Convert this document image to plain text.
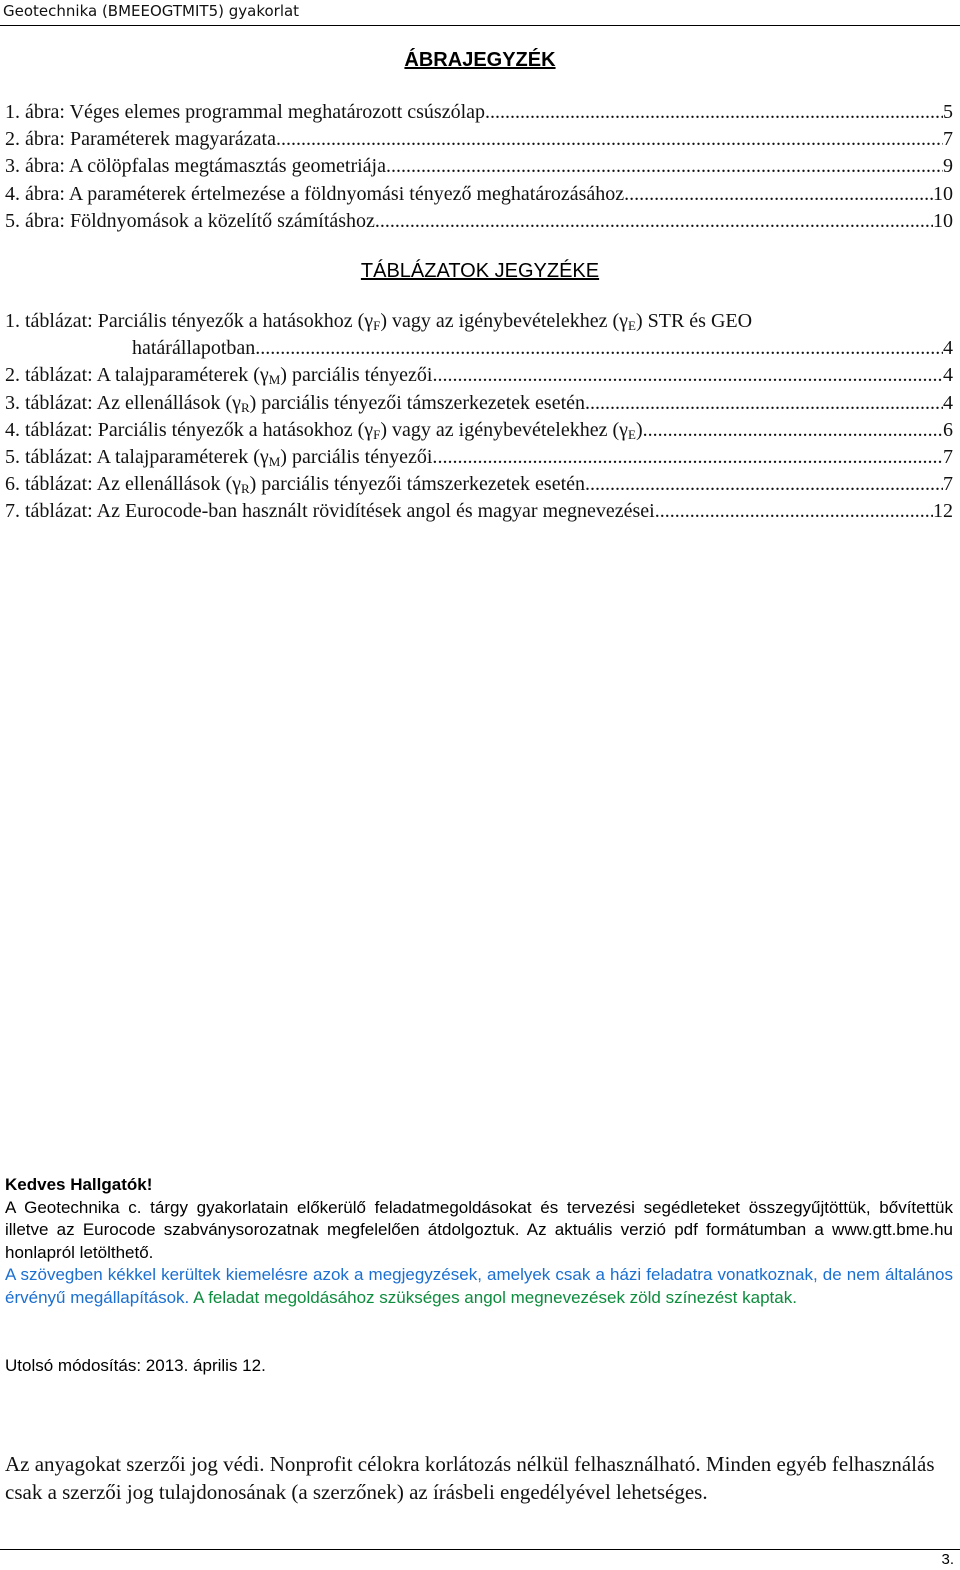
Geotechnika (BMEEOGTMIT5) gyakorlat
ÁBRAJEGYZÉK
1. ábra: Véges elemes programmal meghatározott csúszólap .....	5
2. ábra: Paraméterek magyarázata. .....	7
3. ábra: A cölöpfalas megtámasztás geometriája .....	9
4. ábra: A paraméterek értelmezése a földnyomási tényező meghatározásához. .....	10
5. ábra: Földnyomások a közelítő számításhoz. .....	10
TÁBLÁZATOK JEGYZÉKE
1. táblázat: Parciális tényezők a hatásokhoz $(\gamma_F)$ vagy az igénybevételekhez $(\gamma_E)$ STR és GEO
határállapotban .....	4
2. táblázat: A talajparaméterek $(\gamma_M)$ parciális tényezői .....	4
3. táblázat: Az ellenállások $(\gamma_R)$ parciális tényezői támszerkezetek esetén .....	4
4. táblázat: Parciális tényezők a hatásokhoz $(\gamma_F)$ vagy az igénybevételekhez $(\gamma_E)$. .....	6
5. táblázat: A talajparaméterek $(\gamma_M)$ parciális tényezői. .....	7
6. táblázat: Az ellenállások $(\gamma_R)$ parciális tényezői támszerkezetek esetén. .....	7
7. táblázat: Az Eurocode-ban használt rövidítések angol és magyar megnevezései .....	12

Kedves Hallgatók!

A Geotechnika c. tárgy gyakorlatain előkerülő feladatmegoldásokat és tervezési segédleteket összegyűjtöttük, bővítettük illetve az Eurocode szabványsorozatnak megfelelően átdolgoztuk. Az aktuális verzió pdf formátumban a www.gtt.bme.hu honlapról letölthető.

A szövegben kékkel kerültek kiemelésre azok a megjegyzések, amelyek csak a házi feladatra vonatkoznak, de nem általános érvényű megállapítások. A feladat megoldásához szükséges angol megnevezések zöld színezést kaptak.

Utolsó módosítás: 2013. április 12.
Az anyagokat szerzői jog védi. Nonprofit célokra korlátozás nélkül felhasználható. Minden egyéb felhasználás csak a szerzői jog tulajdonosának (a szerzőnek) az írásbeli engedélyével lehetséges.
3.
